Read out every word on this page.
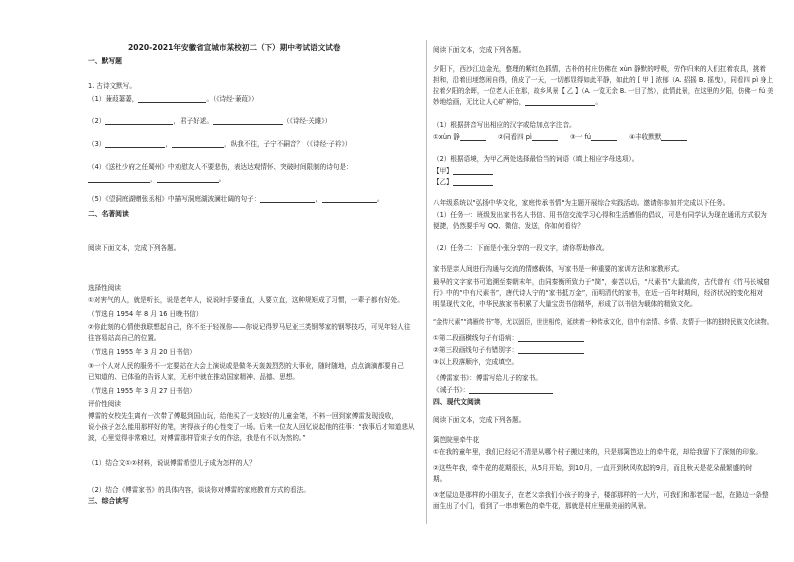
2020-2021年安徽省宣城市某校初二（下）期中考试语文试卷
一、默写题
1. 古诗文默写。
（1）蒹葭萋萋，	。（《诗经·蒹葭》）
（2）	，君子好逑。	（《诗经·关雎》）
（3）	，	，纵我不往，子宁不嗣音？（《诗经·子衿》）
（4）《送杜少府之任蜀州》中劝慰友人不要悲伤，表达达观情怀、突破时间限制的诗句是：
，	。
（5）《望洞庭湖赠张丞相》中描写洞庭湖波澜壮阔的句子：	，	。
二、名著阅读
阅读下面文本，完成下列各题。
选择性阅读
①对害气的人，就是听长，说是老年人，说说时手要垂直，人要立直，这种规矩成了习惯，一辈子都有好处。
（节选自 1954 年 8 月 16 日晚书信）
②你此刻的心情使我联想起自己，你不至于轻视你——你说记得罗马尼亚三类钢琴家的钢琴技巧，可见年轻人往
往容易站高自己的位置。
（节选自 1955 年 3 月 20 日书信）
③一个人对人民的服务不一定要站在大会上演说或是做冬天轰轰烈烈的大事业，随时随地，点点滴滴都要自己
已知道的、已体验的告诉人家，无形中就在推动国家精神、品德、思想。
（节选自 1955 年 3 月 27 日书信）
评价性阅读
傅雷的女校先生离有一次带了傅聪到国山玩，给他买了一支较好的儿童金笔，不料一回到家傅雷发现没收，
说小孩子怎么能用那样好的笔，害得孩子的心性变了一场。后来一位友人回忆说起他的往事：“我事后才知道悲从
波，心里觉得非常难过，对傅雷那样管束子女的作法，我是有不以为然的。”
（1）结合文①②材料，说说傅雷希望儿子成为怎样的人？
（2）结合《傅雷家书》的具体内容，谈谈你对傅雷的家庭教育方式的看法。
三、综合读写
阅读下面文本，完成下列各题。
夕阳下，西沙江边金光，整理的紫红色抓情，古朴的村庄仿佛在 xùn 静默的呼吸，劳作归来的人们扛着农具，挑着
担和，沿着田埂悠闲自得，俏皮了一天，一切都显得如此平静，如此的 [ 甲 ] 浓郁（A. 招摇 B. 摇曳），同看四 pì 身上
拉着夕阳的余晖，一位老人正在那，故乡风景【 乙 】（A. 一览无余 B. 一目了然），此情此景，在这里的夕阳，仿佛一 fú 美
妙地绘画，无比让人心旷神怡，	。
（1）根据拼音写出相应的汉字或给加点字注音。
①xùn 静	②同看四 pì	③一 fú	④丰收默默
（2）根据语境，为甲乙两处选择最恰当的词语（填上相应字母选项）。
【甲】
【乙】
八年级系统以"弘扬中华文化，家庭传承书情"为主题开展综合实践活动。邀请你参加并完成以下任务。
（1）任务一：班级发出家书名人书信、用书信交流学习心得和生活感悟的倡议，可是有同学认为现在通讯方式很为
便捷，仍然要手写 QQ、微信、发送，你如何看待？
（2）任务二：下面是小张分享的一段文字，请你帮助修改。
家书是亲人间进行沟通与交流的情感载体，写家书是一种重要的家训方法和家教形式。
最早的文字家书可追溯至秦朝末年，由同秦衡所致力于“简”，泰苦以后，“尺素书”大量流传，古代曾有《竹马长城窟
行》中的“中有尺素书”，唐代诗人宁的“家书抵万金”，而明清代的家书，在近一百年时期间，经济状况的变化相对
明显现代文化，中华民族家书积累了大量宝贵书信精华，形成了以书信为载体的精致文化。
“金传尺素”“鸿雁传书”等，尤以固臣，世世相传，延续着一种传承文化，信中有亲情、乡情、友情于一体的独特民族文化读物。
①第二段画横线句子有语病：
②第三段画线句子有错别字：
③以上段落顺序，完成填空。
《傅雷家书》：傅雷写给儿子的家书。
《诫子书》：
四、现代文阅读
阅读下面文本，完成下列各题。
篱笆院里牵牛花
①在我的童年里，我们已经记不清是从哪个村子搬过来的，只是那篱笆边上的牵牛花，却给我留下了深刻的印象。
②这些年我，牵牛花的花期很长，从5月开始，到10月，一直开到秋风吹起的9月，而且秋天是花朵最繁盛的时
期。
③老屋边是那样的小朋友子，在老父亲我们小孩子的身子，楼部那样的一大片，可我们和那老屋一起，在路边一条整
面生出了小门，看到了一串串紫色的牵牛花，那就是村庄里最美丽的风景。
